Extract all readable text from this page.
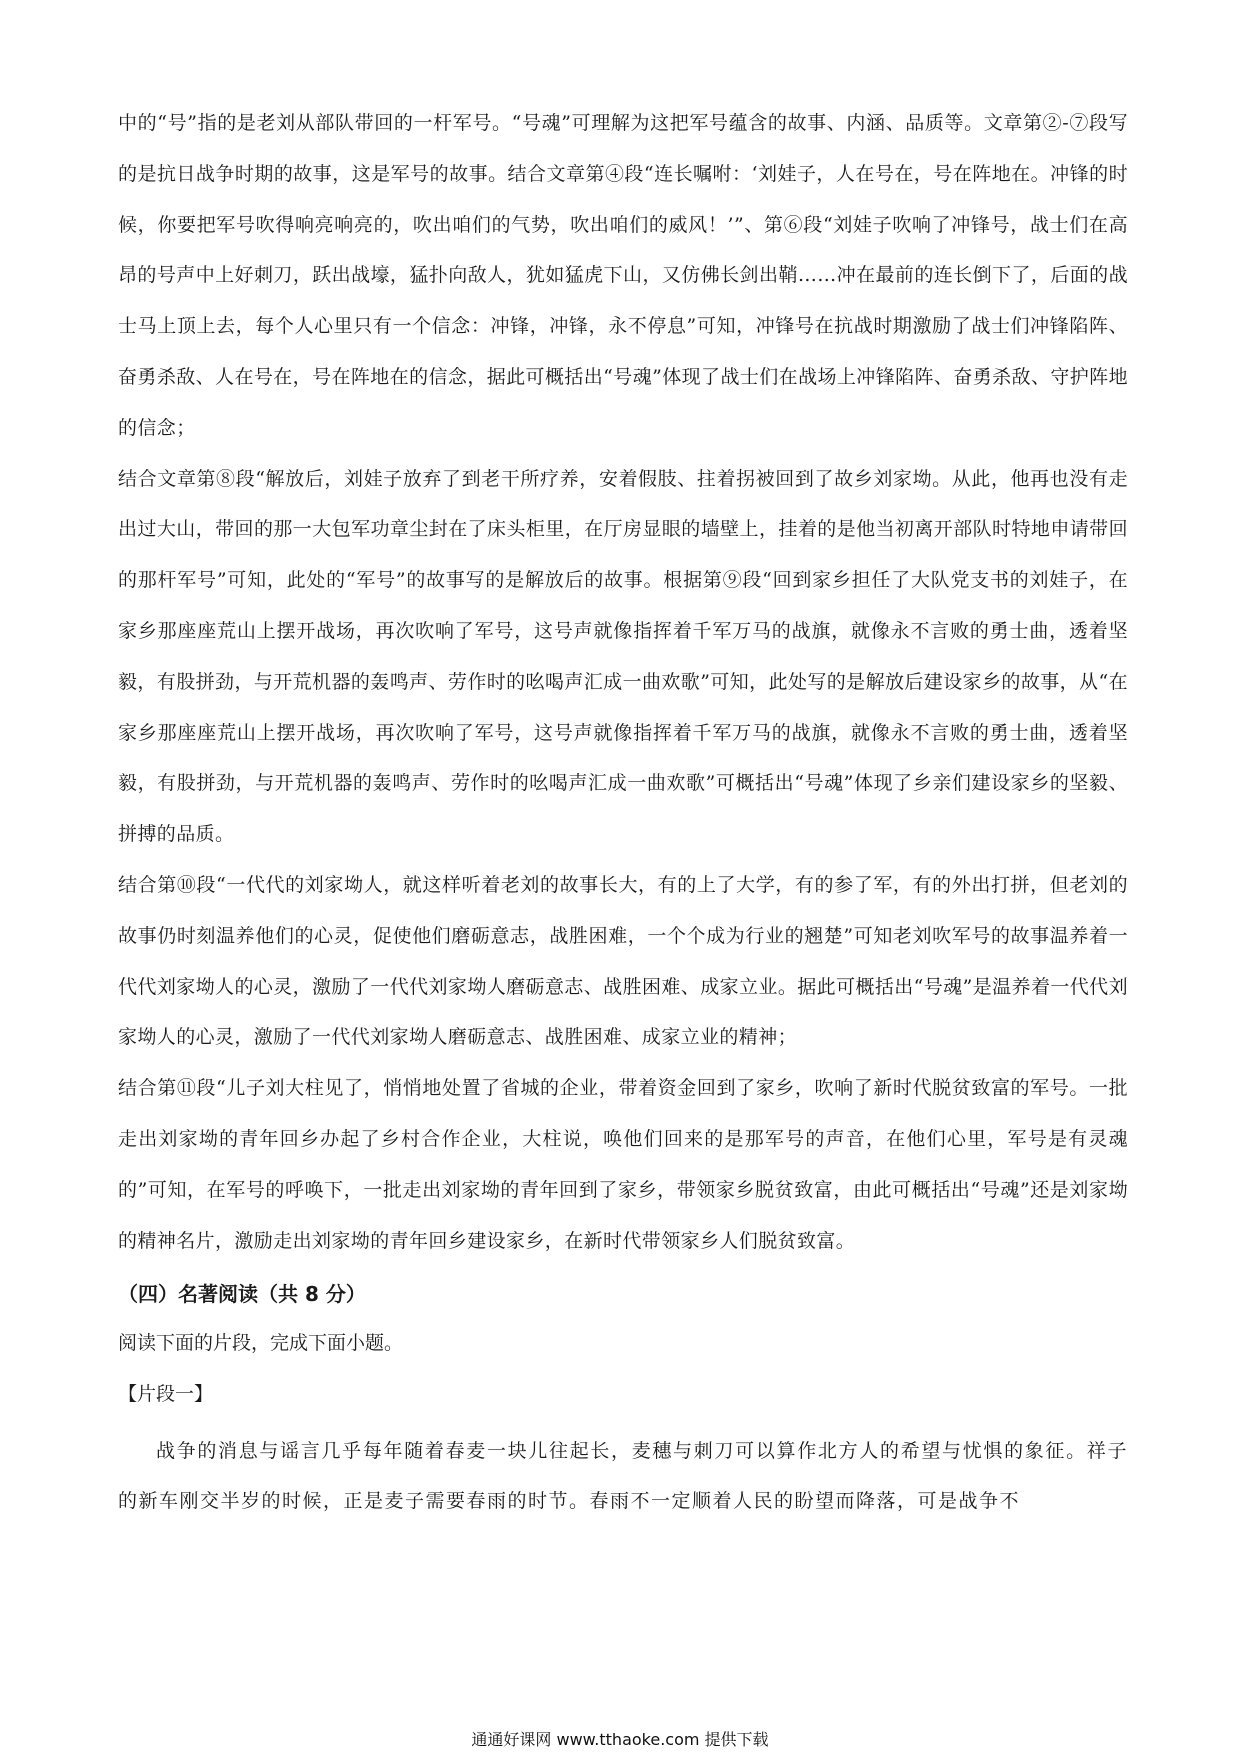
中的“号”指的是老刘从部队带回的一杆军号。“号魂”可理解为这把军号蕴含的故事、内涵、品质等。文章第②-⑦段写的是抗日战争时期的故事，这是军号的故事。结合文章第④段“连长嘱咐：‘刘娃子，人在号在，号在阵地在。冲锋的时候，你要把军号吹得响亮响亮的，吹出咱们的气势，吹出咱们的威风！’”、第⑥段“刘娃子吹响了冲锋号，战士们在高昂的号声中上好刺刀，跃出战壕，猛扑向敌人，犹如猛虎下山，又仿佛长剑出鞘……冲在最前的连长倒下了，后面的战士马上顶上去，每个人心里只有一个信念：冲锋，冲锋，永不停息”可知，冲锋号在抗战时期激励了战士们冲锋陷阵、奋勇杀敌、人在号在，号在阵地在的信念，据此可概括出“号魂”体现了战士们在战场上冲锋陷阵、奋勇杀敌、守护阵地的信念；

结合文章第⑧段“解放后，刘娃子放弃了到老干所疗养，安着假肢、拄着拐被回到了故乡刘家坳。从此，他再也没有走出过大山，带回的那一大包军功章尘封在了床头柜里，在厅房显眼的墙壁上，挂着的是他当初离开部队时特地申请带回的那杆军号”可知，此处的“军号”的故事写的是解放后的故事。根据第⑨段“回到家乡担任了大队党支书的刘娃子，在家乡那座座荒山上摆开战场，再次吹响了军号，这号声就像指挥着千军万马的战旗，就像永不言败的勇士曲，透着坚毅，有股拼劲，与开荒机器的轰鸣声、劳作时的吆喝声汇成一曲欢歌”可知，此处写的是解放后建设家乡的故事，从“在家乡那座座荒山上摆开战场，再次吹响了军号，这号声就像指挥着千军万马的战旗，就像永不言败的勇士曲，透着坚毅，有股拼劲，与开荒机器的轰鸣声、劳作时的吆喝声汇成一曲欢歌”可概括出“号魂”体现了乡亲们建设家乡的坚毅、拼搏的品质。

结合第⑩段“一代代的刘家坳人，就这样听着老刘的故事长大，有的上了大学，有的参了军，有的外出打拼，但老刘的故事仍时刻温养他们的心灵，促使他们磨砺意志，战胜困难，一个个成为行业的翘楚”可知老刘吹军号的故事温养着一代代刘家坳人的心灵，激励了一代代刘家坳人磨砺意志、战胜困难、成家立业。据此可概括出“号魂”是温养着一代代刘家坳人的心灵，激励了一代代刘家坳人磨砺意志、战胜困难、成家立业的精神；

结合第⑪段“儿子刘大柱见了，悄悄地处置了省城的企业，带着资金回到了家乡，吹响了新时代脱贫致富的军号。一批走出刘家坳的青年回乡办起了乡村合作企业，大柱说，唤他们回来的是那军号的声音，在他们心里，军号是有灵魂的”可知，在军号的呼唤下，一批走出刘家坳的青年回到了家乡，带领家乡脱贫致富，由此可概括出“号魂”还是刘家坳的精神名片，激励走出刘家坳的青年回乡建设家乡，在新时代带领家乡人们脱贫致富。

（四）名著阅读（共 8 分）

阅读下面的片段，完成下面小题。

【片段一】

战争的消息与谣言几乎每年随着春麦一块儿往起长，麦穗与刺刀可以算作北方人的希望与忧惧的象征。祥子的新车刚交半岁的时候，正是麦子需要春雨的时节。春雨不一定顺着人民的盼望而降落，可是战争不

通通好课网 www.tthaoke.com 提供下载
